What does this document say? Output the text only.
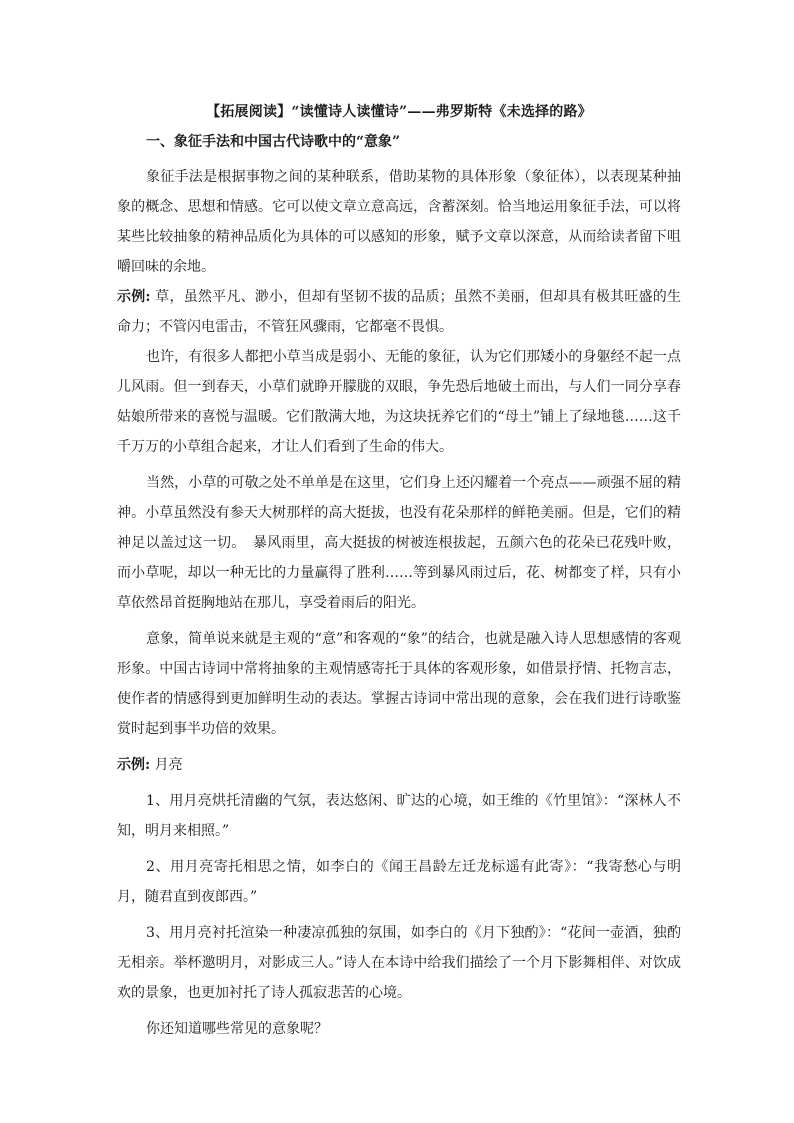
【拓展阅读】“读懂诗人读懂诗”——弗罗斯特《未选择的路》
一、象征手法和中国古代诗歌中的“意象”

象征手法是根据事物之间的某种联系，借助某物的具体形象（象征体），以表现某种抽象的概念、思想和情感。它可以使文章立意高远，含蓄深刻。恰当地运用象征手法，可以将某些比较抽象的精神品质化为具体的可以感知的形象，赋予文章以深意，从而给读者留下咀嚼回味的余地。

示例: 草，虽然平凡、渺小，但却有坚韧不拔的品质；虽然不美丽，但却具有极其旺盛的生命力；不管闪电雷击，不管狂风骤雨，它都毫不畏惧。

也许，有很多人都把小草当成是弱小、无能的象征，认为它们那矮小的身躯经不起一点儿风雨。但一到春天，小草们就睁开朦胧的双眼，争先恐后地破土而出，与人们一同分享春姑娘所带来的喜悦与温暖。它们散满大地，为这块抚养它们的“母土”铺上了绿地毯……这千千万万的小草组合起来，才让人们看到了生命的伟大。

当然，小草的可敬之处不单单是在这里，它们身上还闪耀着一个亮点——顽强不屈的精神。小草虽然没有参天大树那样的高大挺拔，也没有花朵那样的鲜艳美丽。但是，它们的精神足以盖过这一切。　暴风雨里，高大挺拔的树被连根拔起，五颜六色的花朵已花残叶败，而小草呢，却以一种无比的力量赢得了胜利……等到暴风雨过后，花、树都变了样，只有小草依然昂首挺胸地站在那儿，享受着雨后的阳光。

意象，简单说来就是主观的“意”和客观的“象”的结合，也就是融入诗人思想感情的客观形象。中国古诗词中常将抽象的主观情感寄托于具体的客观形象，如借景抒情、托物言志，使作者的情感得到更加鲜明生动的表达。掌握古诗词中常出现的意象，会在我们进行诗歌鉴赏时起到事半功倍的效果。

示例: 月亮

1、用月亮烘托清幽的气氛，表达悠闲、旷达的心境，如王维的《竹里馆》：“深林人不知，明月来相照。”

2、用月亮寄托相思之情，如李白的《闻王昌龄左迁龙标遥有此寄》：“我寄愁心与明月，随君直到夜郎西。”

3、用月亮衬托渲染一种凄凉孤独的氛围，如李白的《月下独酌》：“花间一壶酒，独酌无相亲。举杯邀明月，对影成三人。”诗人在本诗中给我们描绘了一个月下影舞相伴、对饮成欢的景象，也更加衬托了诗人孤寂悲苦的心境。

你还知道哪些常见的意象呢？
